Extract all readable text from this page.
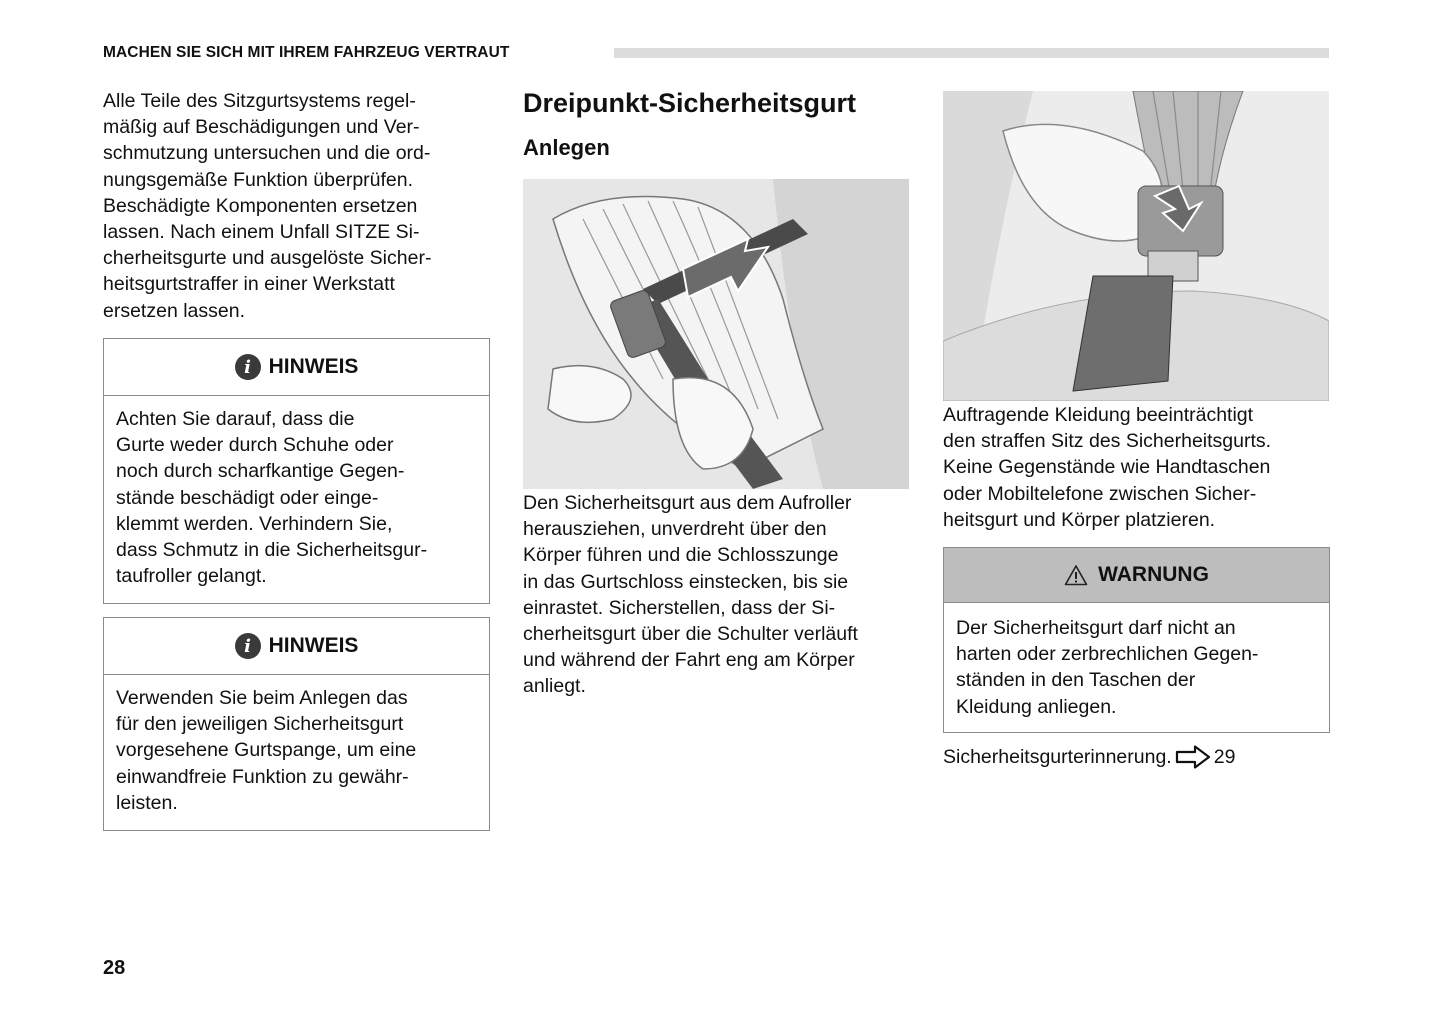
MACHEN SIE SICH MIT IHREM FAHRZEUG VERTRAUT
Alle Teile des Sitzgurtsystems regel-
mäßig auf Beschädigungen und Ver-
schmutzung untersuchen und die ord-
nungsgemäße Funktion überprüfen.
Beschädigte Komponenten ersetzen
lassen. Nach einem Unfall SITZE Si-
cherheitsgurte und ausgelöste Sicher-
heitsgurtstraffer in einer Werkstatt
ersetzen lassen.
i HINWEIS
Achten Sie darauf, dass die
Gurte weder durch Schuhe oder
noch durch scharfkantige Gegen-
stände beschädigt oder einge-
klemmt werden. Verhindern Sie,
dass Schmutz in die Sicherheitsgur-
taufroller gelangt.
i HINWEIS
Verwenden Sie beim Anlegen das
für den jeweiligen Sicherheitsgurt
vorgesehene Gurtspange, um eine
einwandfreie Funktion zu gewähr-
leisten.
Dreipunkt-Sicherheitsgurt
Anlegen
Den Sicherheitsgurt aus dem Aufroller
herausziehen, unverdreht über den
Körper führen und die Schlosszunge
in das Gurtschloss einstecken, bis sie
einrastet. Sicherstellen, dass der Si-
cherheitsgurt über die Schulter verläuft
und während der Fahrt eng am Körper
anliegt.
Auftragende Kleidung beeinträchtigt
den straffen Sitz des Sicherheitsgurts.
Keine Gegenstände wie Handtaschen
oder Mobiltelefone zwischen Sicher-
heitsgurt und Körper platzieren.
WARNUNG
Der Sicherheitsgurt darf nicht an
harten oder zerbrechlichen Gegen-
ständen in den Taschen der
Kleidung anliegen.
Sicherheitsgurterinnerung. 29
28
